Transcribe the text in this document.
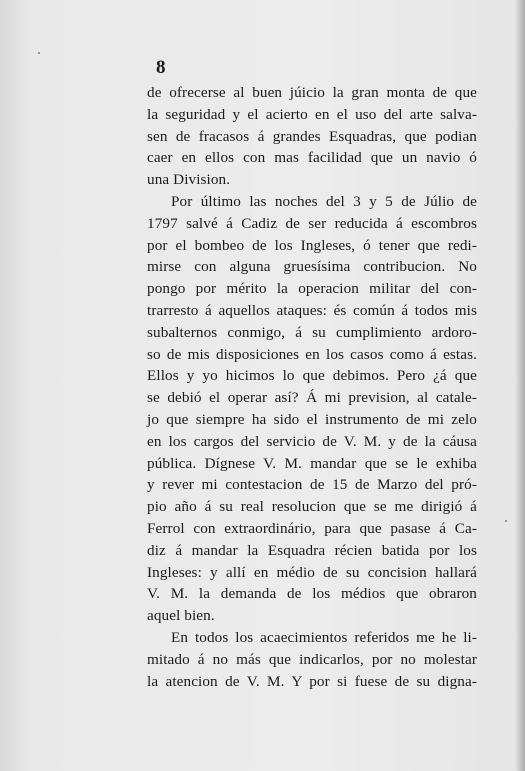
8
de ofrecerse al buen júicio la gran monta de que
la seguridad y el acierto en el uso del arte salva-
sen de fracasos á grandes Esquadras, que podian
caer en ellos con mas facilidad que un navio ó
una Division.
Por último las noches del 3 y 5 de Júlio de
1797 salvé á Cadiz de ser reducida á escombros
por el bombeo de los Ingleses, ó tener que redi-
mirse con alguna gruesísima contribucion. No
pongo por mérito la operacion militar del con-
trarresto á aquellos ataques: és común á todos mis
subalternos conmigo, á su cumplimiento ardoro-
so de mis disposiciones en los casos como á estas.
Ellos y yo hicimos lo que debimos. Pero ¿á que
se debió el operar así? Á mi prevision, al catale-
jo que siempre ha sido el instrumento de mi zelo
en los cargos del servicio de V. M. y de la cáusa
pública. Dígnese V. M. mandar que se le exhiba
y rever mi contestacion de 15 de Marzo del pró-
pio año á su real resolucion que se me dirigió á
Ferrol con extraordinário, para que pasase á Ca-
diz á mandar la Esquadra récien batida por los
Ingleses: y allí en médio de su concision hallará
V. M. la demanda de los médios que obraron
aquel bien.
En todos los acaecimientos referidos me he li-
mitado á no más que indicarlos, por no molestar
la atencion de V. M. Y por si fuese de su digna-
